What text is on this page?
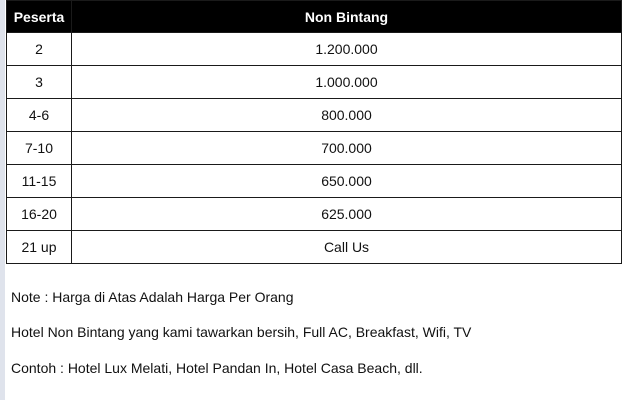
Peserta	Non Bintang
2	1.200.000
3	1.000.000
4-6	800.000
7-10	700.000
11-15	650.000
16-20	625.000
21 up	Call Us

Note : Harga di Atas Adalah Harga Per Orang

Hotel Non Bintang yang kami tawarkan bersih, Full AC, Breakfast, Wifi, TV

Contoh : Hotel Lux Melati, Hotel Pandan In, Hotel Casa Beach, dll.
